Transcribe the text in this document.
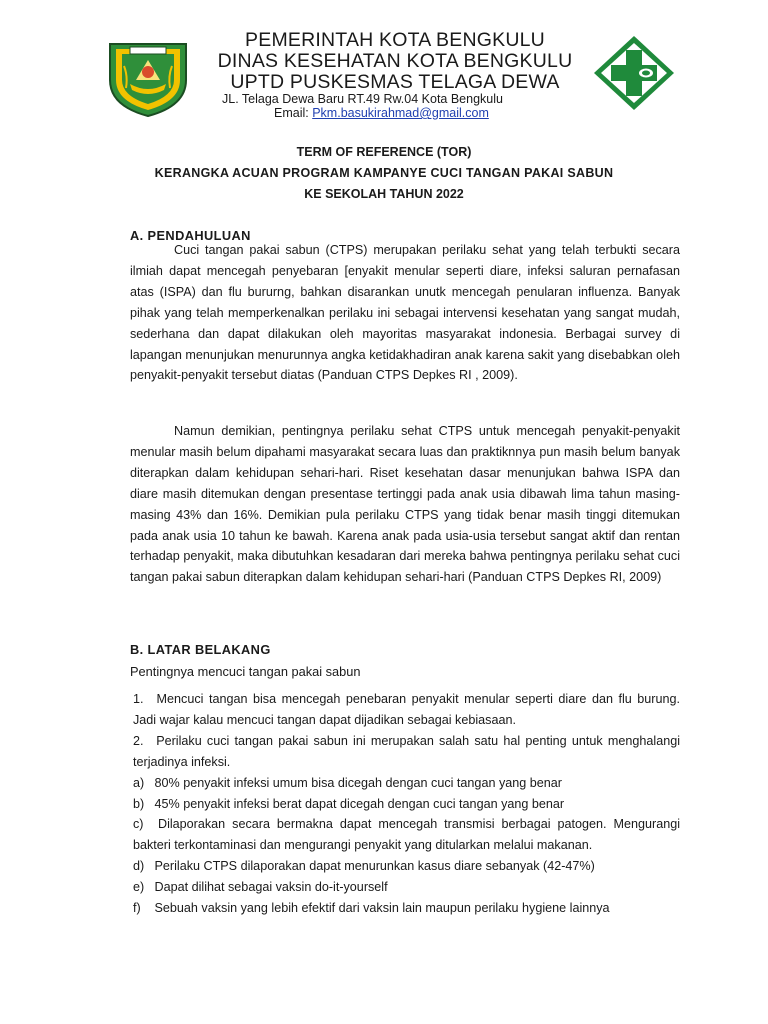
PEMERINTAH KOTA BENGKULU
DINAS KESEHATAN KOTA BENGKULU
UPTD PUSKESMAS TELAGA DEWA
JL. Telaga Dewa Baru RT.49 Rw.04 Kota Bengkulu
Email: Pkm.basukirahmad@gmail.com
TERM OF REFERENCE (TOR)
KERANGKA ACUAN PROGRAM KAMPANYE CUCI TANGAN PAKAI SABUN
KE SEKOLAH TAHUN 2022
A. PENDAHULUAN
Cuci tangan pakai sabun (CTPS) merupakan perilaku sehat yang telah terbukti secara ilmiah dapat mencegah penyebaran [enyakit menular seperti diare, infeksi saluran pernafasan atas (ISPA) dan flu bururng, bahkan disarankan unutk mencegah penularan influenza. Banyak pihak yang telah memperkenalkan perilaku ini sebagai intervensi kesehatan yang sangat mudah, sederhana dan dapat dilakukan oleh mayoritas masyarakat indonesia. Berbagai survey di lapangan menunjukan menurunnya angka ketidakhadiran anak karena sakit yang disebabkan oleh penyakit-penyakit tersebut diatas (Panduan CTPS Depkes RI , 2009).
Namun demikian, pentingnya perilaku sehat CTPS untuk mencegah penyakit-penyakit menular masih belum dipahami masyarakat secara luas dan praktiknnya pun masih belum banyak diterapkan dalam kehidupan sehari-hari. Riset kesehatan dasar menunjukan bahwa ISPA dan diare masih ditemukan dengan presentase tertinggi pada anak usia dibawah lima tahun masing-masing 43% dan 16%. Demikian pula perilaku CTPS yang tidak benar masih tinggi ditemukan pada anak usia 10 tahun ke bawah. Karena anak pada usia-usia tersebut sangat aktif dan rentan terhadap penyakit, maka dibutuhkan kesadaran dari mereka bahwa pentingnya perilaku sehat cuci tangan pakai sabun diterapkan dalam kehidupan sehari-hari (Panduan CTPS Depkes RI, 2009)
B. LATAR BELAKANG
Pentingnya mencuci tangan pakai sabun
1. Mencuci tangan bisa mencegah penebaran penyakit menular seperti diare dan flu burung. Jadi wajar kalau mencuci tangan dapat dijadikan sebagai kebiasaan.
2. Perilaku cuci tangan pakai sabun ini merupakan salah satu hal penting untuk menghalangi terjadinya infeksi.
a) 80% penyakit infeksi umum bisa dicegah dengan cuci tangan yang benar
b) 45% penyakit infeksi berat dapat dicegah dengan cuci tangan yang benar
c) Dilaporakan secara bermakna dapat mencegah transmisi berbagai patogen. Mengurangi bakteri terkontaminasi dan mengurangi penyakit yang ditularkan melalui makanan.
d) Perilaku CTPS dilaporakan dapat menurunkan kasus diare sebanyak (42-47%)
e) Dapat dilihat sebagai vaksin do-it-yourself
f) Sebuah vaksin yang lebih efektif dari vaksin lain maupun perilaku hygiene lainnya
